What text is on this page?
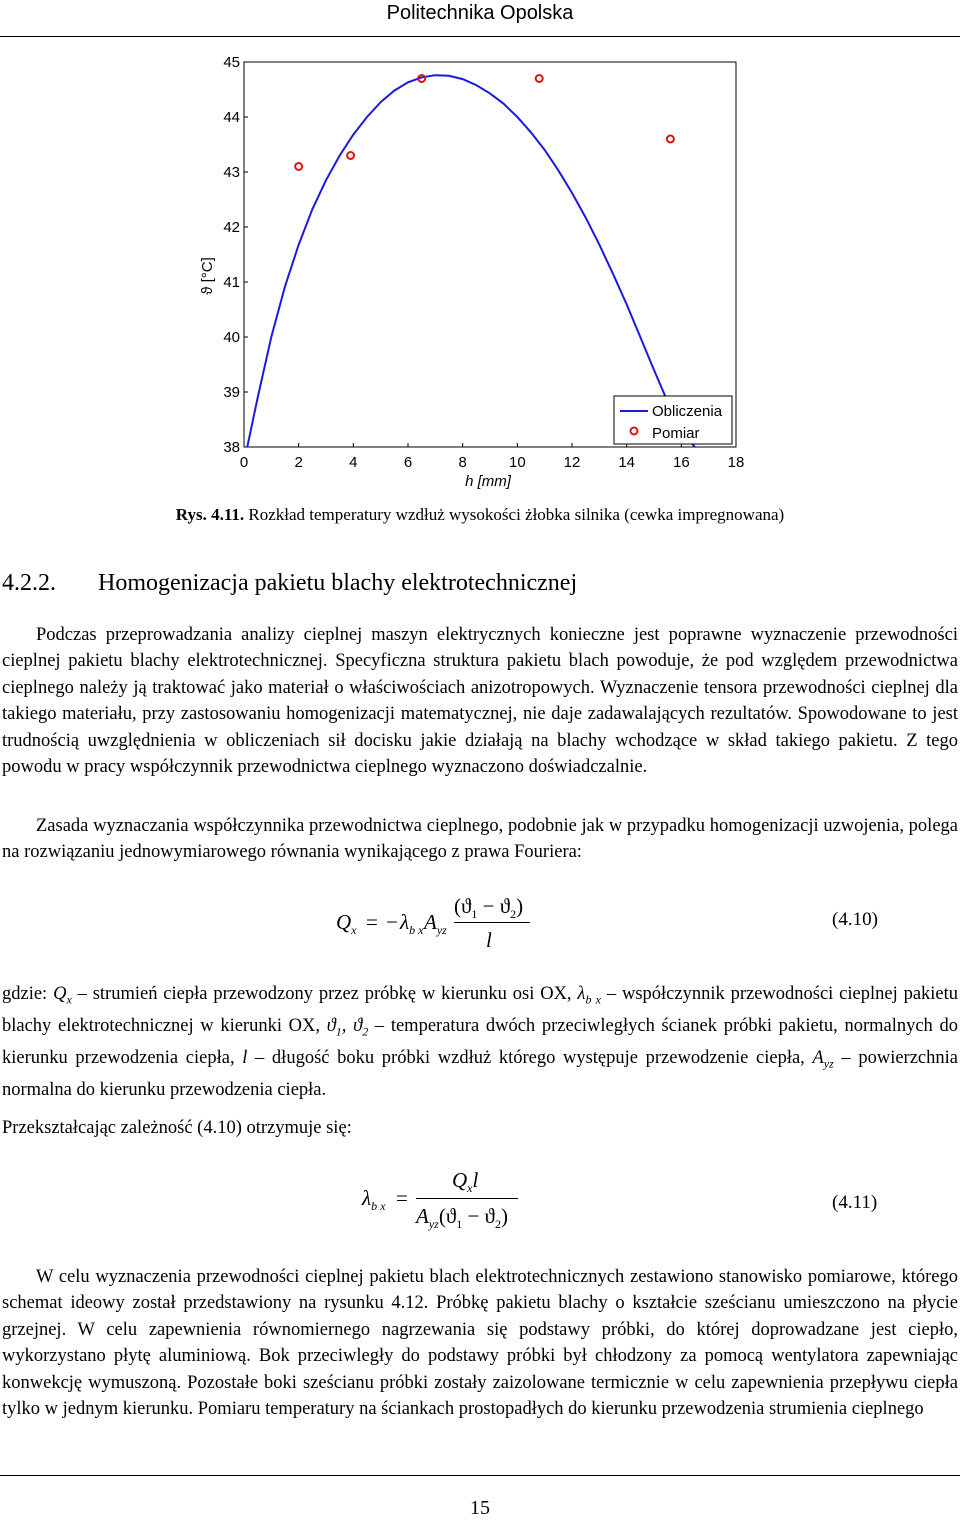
Politechnika Opolska
38
39
40
41
42
43
44
45
0	2	4	6	8	10	12	14	16	18
ϑ [°C]
h [mm]
Obliczenia
Pomiar
Rys. 4.11. Rozkład temperatury wzdłuż wysokości żłobka silnika (cewka impregnowana)
4.2.2. Homogenizacja pakietu blachy elektrotechnicznej

Podczas przeprowadzania analizy cieplnej maszyn elektrycznych konieczne jest poprawne wyznaczenie przewodności cieplnej pakietu blachy elektrotechnicznej. Specyficzna struktura pakietu blach powoduje, że pod względem przewodnictwa cieplnego należy ją traktować jako materiał o właściwościach anizotropowych. Wyznaczenie tensora przewodności cieplnej dla takiego materiału, przy zastosowaniu homogenizacji matematycznej, nie daje zadawalających rezultatów. Spowodowane to jest trudnością uwzględnienia w obliczeniach sił docisku jakie działają na blachy wchodzące w skład takiego pakietu. Z tego powodu w pracy współczynnik przewodnictwa cieplnego wyznaczono doświadczalnie.

Zasada wyznaczania współczynnika przewodnictwa cieplnego, podobnie jak w przypadku homogenizacji uzwojenia, polega na rozwiązaniu jednowymiarowego równania wynikającego z prawa Fouriera:

$Q_x$ = − $\lambda_{b x}$ $A_{yz}$
$(ϑ_1 - ϑ_2)$
l
(4.10)

gdzie: $Q_x$ – strumień ciepła przewodzony przez próbkę w kierunku osi OX, $\lambda_{b x}$ – współczynnik przewodności cieplnej pakietu blachy elektrotechnicznej w kierunki OX, $ϑ_1$, $ϑ_2$ – temperatura dwóch przeciwległych ścianek próbki pakietu, normalnych do kierunku przewodzenia ciepła, l – długość boku próbki wzdłuż którego występuje przewodzenie ciepła, $A_{yz}$ – powierzchnia normalna do kierunku przewodzenia ciepła.

Przekształcając zależność (4.10) otrzymuje się:

$\lambda_{b x}$ =
$Q_xl$
$A_{yz}(ϑ_1 - ϑ_2)$
(4.11)

W celu wyznaczenia przewodności cieplnej pakietu blach elektrotechnicznych zestawiono stanowisko pomiarowe, którego schemat ideowy został przedstawiony na rysunku 4.12. Próbkę pakietu blachy o kształcie sześcianu umieszczono na płycie grzejnej. W celu zapewnienia równomiernego nagrzewania się podstawy próbki, do której doprowadzane jest ciepło, wykorzystano płytę aluminiową. Bok przeciwległy do podstawy próbki był chłodzony za pomocą wentylatora zapewniając konwekcję wymuszoną. Pozostałe boki sześcianu próbki zostały zaizolowane termicznie w celu zapewnienia przepływu ciepła tylko w jednym kierunku. Pomiaru temperatury na ściankach prostopadłych do kierunku przewodzenia strumienia cieplnego

15
